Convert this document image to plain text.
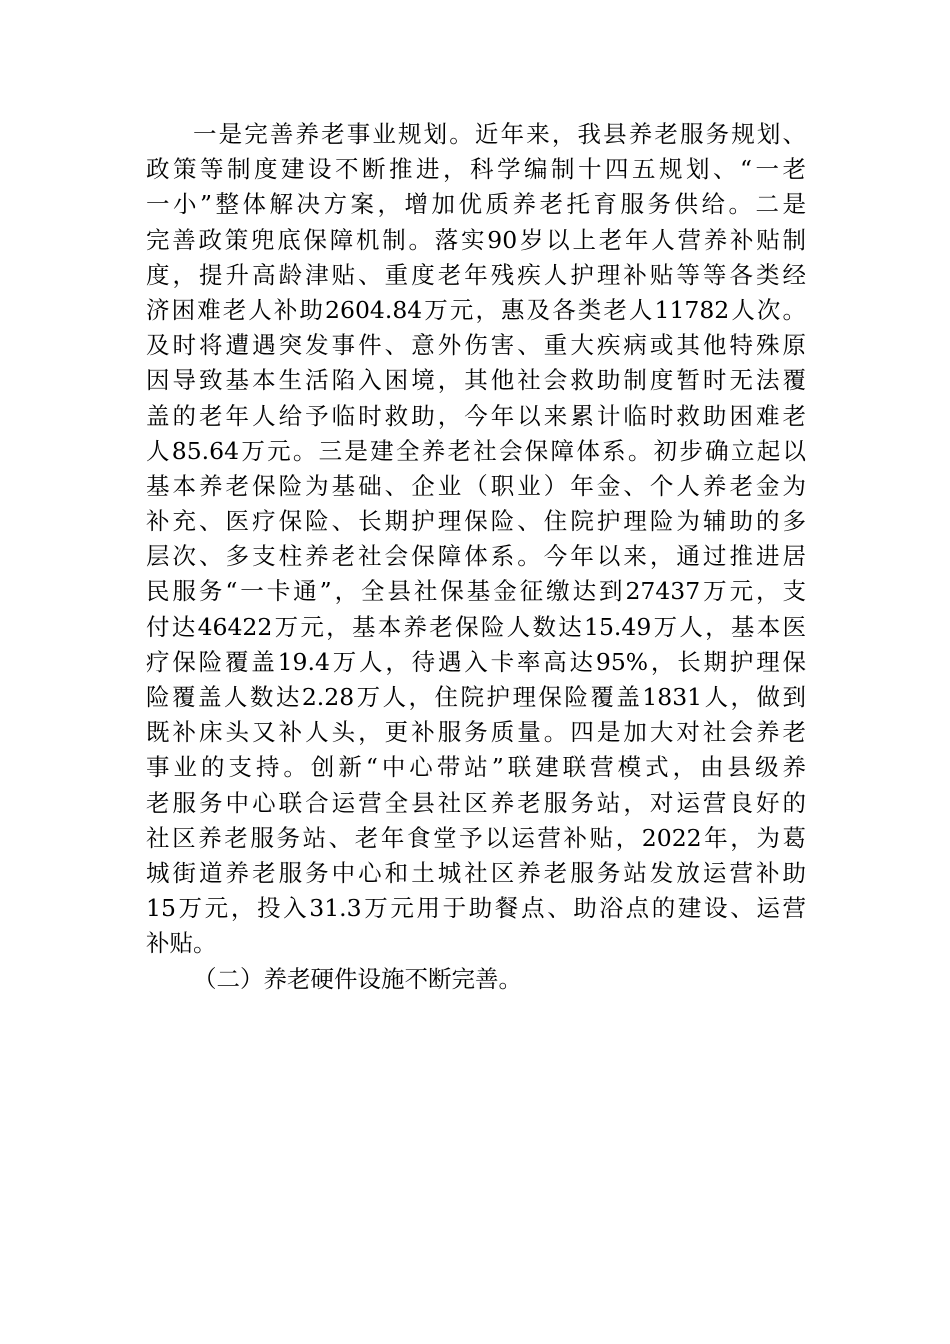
一是完善养老事业规划。近年来，我县养老服务规划、
政策等制度建设不断推进，科学编制十四五规划、“一老
一小”整体解决方案，增加优质养老托育服务供给。二是
完善政策兜底保障机制。落实90岁以上老年人营养补贴制
度，提升高龄津贴、重度老年残疾人护理补贴等等各类经
济困难老人补助2604.84万元，惠及各类老人11782人次。
及时将遭遇突发事件、意外伤害、重大疾病或其他特殊原
因导致基本生活陷入困境，其他社会救助制度暂时无法覆
盖的老年人给予临时救助，今年以来累计临时救助困难老
人85.64万元。三是建全养老社会保障体系。初步确立起以
基本养老保险为基础、企业（职业）年金、个人养老金为
补充、医疗保险、长期护理保险、住院护理险为辅助的多
层次、多支柱养老社会保障体系。今年以来，通过推进居
民服务“一卡通”，全县社保基金征缴达到27437万元，支
付达46422万元，基本养老保险人数达15.49万人，基本医
疗保险覆盖19.4万人，待遇入卡率高达95%，长期护理保
险覆盖人数达2.28万人，住院护理保险覆盖1831人，做到
既补床头又补人头，更补服务质量。四是加大对社会养老
事业的支持。创新“中心带站”联建联营模式，由县级养
老服务中心联合运营全县社区养老服务站，对运营良好的
社区养老服务站、老年食堂予以运营补贴，2022年，为葛
城街道养老服务中心和土城社区养老服务站发放运营补助
15万元，投入31.3万元用于助餐点、助浴点的建设、运营
补贴。
（二）养老硬件设施不断完善。
